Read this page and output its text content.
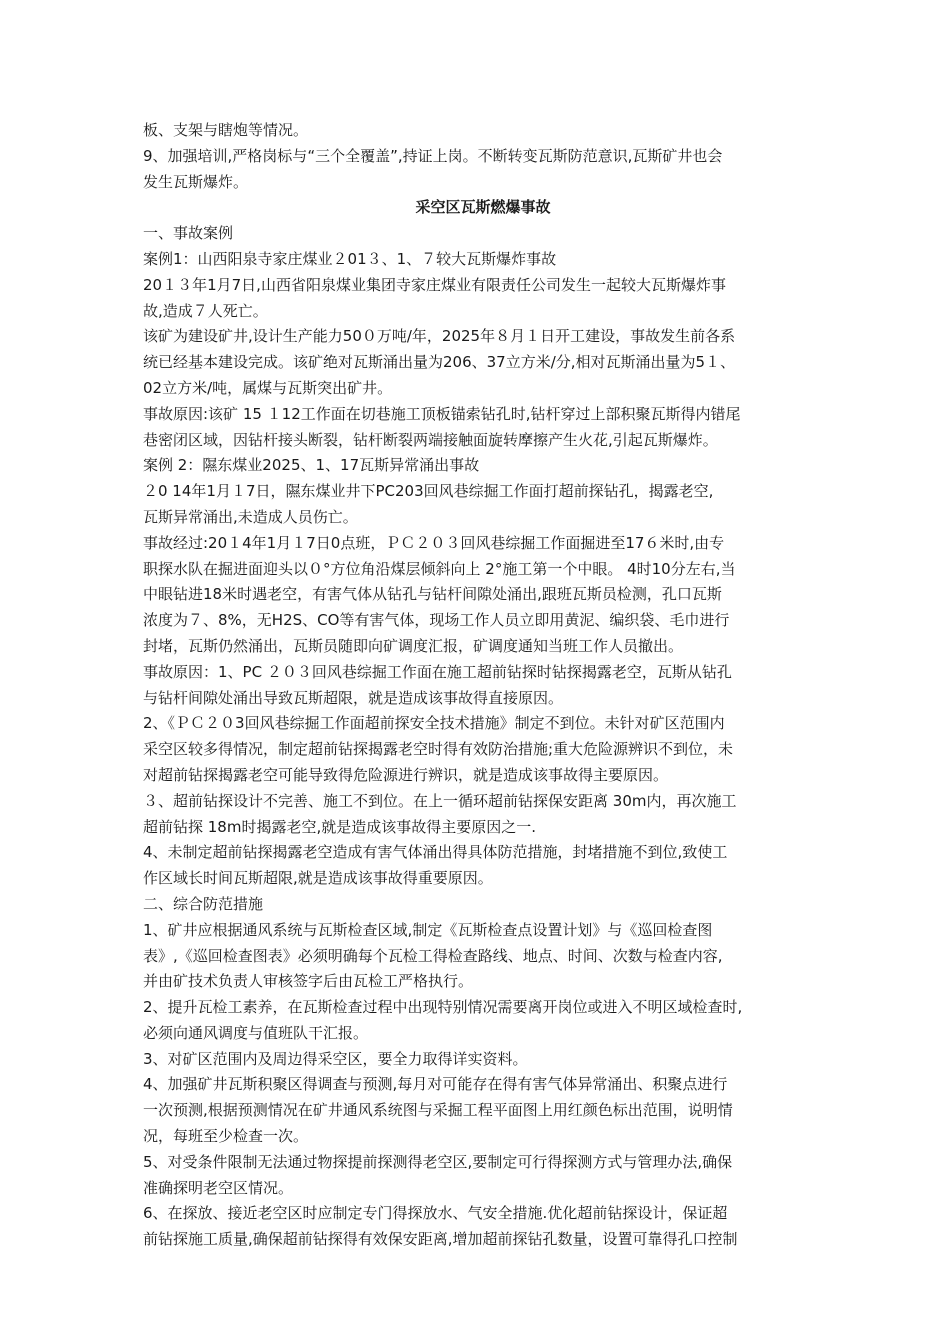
板、支架与瞎炮等情况。
9、加强培训,严格岗标与“三个全覆盖”,持证上岗。不断转变瓦斯防范意识,瓦斯矿井也会
发生瓦斯爆炸。
采空区瓦斯燃爆事故
一、事故案例
案例1：山西阳泉寺家庄煤业２01３、1、７较大瓦斯爆炸事故
20１３年1月7日,山西省阳泉煤业集团寺家庄煤业有限责任公司发生一起较大瓦斯爆炸事
故,造成７人死亡。
该矿为建设矿井,设计生产能力50０万吨/年，2025年８月１日开工建设，事故发生前各系
统已经基本建设完成。该矿绝对瓦斯涌出量为206、37立方米/分,相对瓦斯涌出量为5１、
02立方米/吨，属煤与瓦斯突出矿井。
事故原因:该矿 15 １12工作面在切巷施工顶板锚索钻孔时,钻杆穿过上部积聚瓦斯得内错尾
巷密闭区域，因钻杆接头断裂，钻杆断裂两端接触面旋转摩擦产生火花,引起瓦斯爆炸。
案例 2：隰东煤业2025、1、17瓦斯异常涌出事故
２0 14年1月１7日，隰东煤业井下PC203回风巷综掘工作面打超前探钻孔，揭露老空,
瓦斯异常涌出,未造成人员伤亡。
事故经过:20１4年1月１7日0点班，ＰＣ２０３回风巷综掘工作面掘进至17６米时,由专
职探水队在掘进面迎头以０°方位角沿煤层倾斜向上 2°施工第一个中眼。 4时10分左右,当
中眼钻进18米时遇老空，有害气体从钻孔与钻杆间隙处涌出,跟班瓦斯员检测，孔口瓦斯
浓度为７、8%，无H2S、CO等有害气体，现场工作人员立即用黄泥、编织袋、毛巾进行
封堵，瓦斯仍然涌出，瓦斯员随即向矿调度汇报，矿调度通知当班工作人员撤出。
事故原因：1、PC ２０３回风巷综掘工作面在施工超前钻探时钻探揭露老空，瓦斯从钻孔
与钻杆间隙处涌出导致瓦斯超限，就是造成该事故得直接原因。
2、《ＰＣ２０3回风巷综掘工作面超前探安全技术措施》制定不到位。未针对矿区范围内
采空区较多得情况，制定超前钻探揭露老空时得有效防治措施;重大危险源辨识不到位，未
对超前钻探揭露老空可能导致得危险源进行辨识，就是造成该事故得主要原因。
３、超前钻探设计不完善、施工不到位。在上一循环超前钻探保安距离 30m内，再次施工
超前钻探 18m时揭露老空,就是造成该事故得主要原因之一.
4、未制定超前钻探揭露老空造成有害气体涌出得具体防范措施，封堵措施不到位,致使工
作区域长时间瓦斯超限,就是造成该事故得重要原因。
二、综合防范措施
1、矿井应根据通风系统与瓦斯检查区域,制定《瓦斯检查点设置计划》与《巡回检查图
表》,《巡回检查图表》必须明确每个瓦检工得检查路线、地点、时间、次数与检查内容,
并由矿技术负责人审核签字后由瓦检工严格执行。
2、提升瓦检工素养，在瓦斯检查过程中出现特别情况需要离开岗位或进入不明区域检查时,
必须向通风调度与值班队干汇报。
3、对矿区范围内及周边得采空区，要全力取得详实资料。
4、加强矿井瓦斯积聚区得调查与预测,每月对可能存在得有害气体异常涌出、积聚点进行
一次预测,根据预测情况在矿井通风系统图与采掘工程平面图上用红颜色标出范围，说明情
况，每班至少检查一次。
5、对受条件限制无法通过物探提前探测得老空区,要制定可行得探测方式与管理办法,确保
准确探明老空区情况。
6、在探放、接近老空区时应制定专门得探放水、气安全措施.优化超前钻探设计，保证超
前钻探施工质量,确保超前钻探得有效保安距离,增加超前探钻孔数量，设置可靠得孔口控制
